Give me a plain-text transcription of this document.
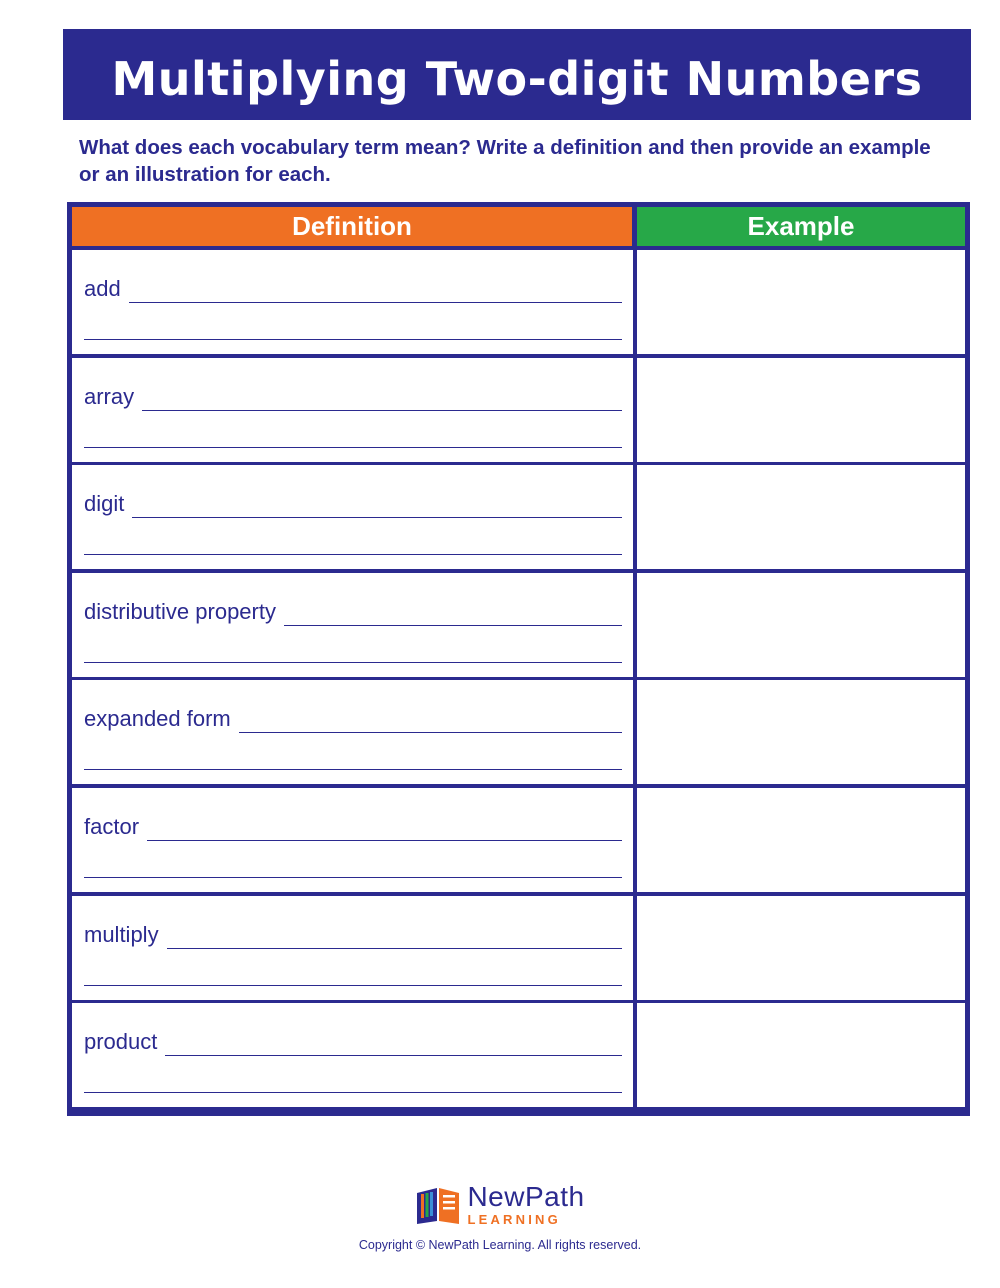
Multiplying Two-digit Numbers
What does each vocabulary term mean? Write a definition and then provide an example or an illustration for each.
Definition	Example
add
array
digit
distributive property
expanded form
factor
multiply
product
NewPath
LEARNING
Copyright © NewPath Learning. All rights reserved.
